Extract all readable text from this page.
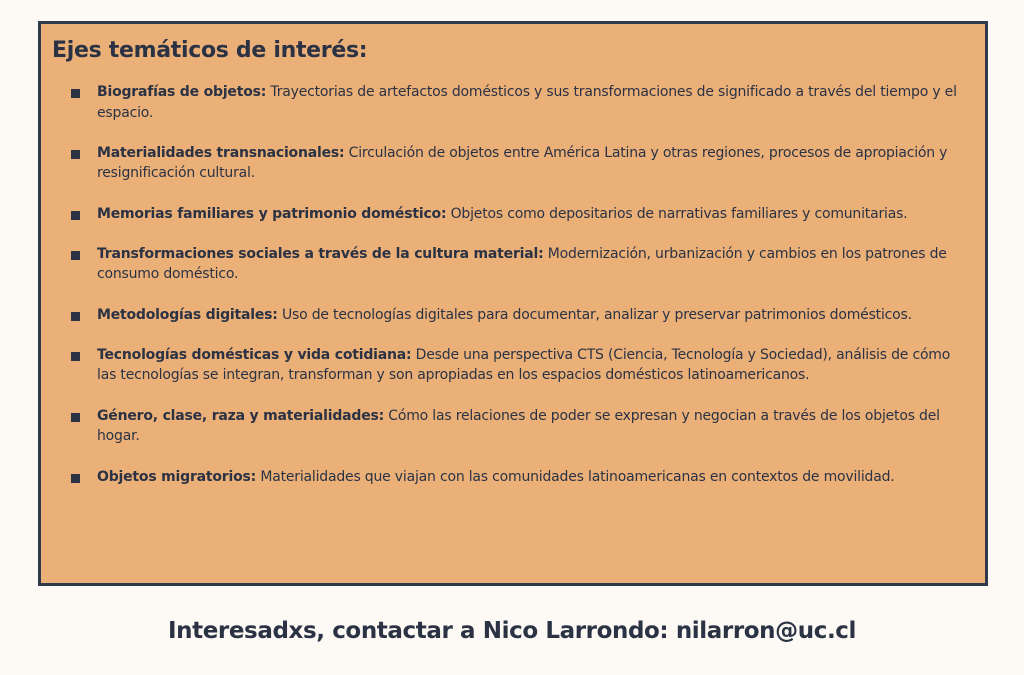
Ejes temáticos de interés:
Biografías de objetos: Trayectorias de artefactos domésticos y sus transformaciones de significado a través del tiempo y el espacio.
Materialidades transnacionales: Circulación de objetos entre América Latina y otras regiones, procesos de apropiación y resignificación cultural.
Memorias familiares y patrimonio doméstico: Objetos como depositarios de narrativas familiares y comunitarias.
Transformaciones sociales a través de la cultura material: Modernización, urbanización y cambios en los patrones de consumo doméstico.
Metodologías digitales: Uso de tecnologías digitales para documentar, analizar y preservar patrimonios domésticos.
Tecnologías domésticas y vida cotidiana: Desde una perspectiva CTS (Ciencia, Tecnología y Sociedad), análisis de cómo las tecnologías se integran, transforman y son apropiadas en los espacios domésticos latinoamericanos.
Género, clase, raza y materialidades: Cómo las relaciones de poder se expresan y negocian a través de los objetos del hogar.
Objetos migratorios: Materialidades que viajan con las comunidades latinoamericanas en contextos de movilidad.
Interesadxs, contactar a Nico Larrondo: nilarron@uc.cl
